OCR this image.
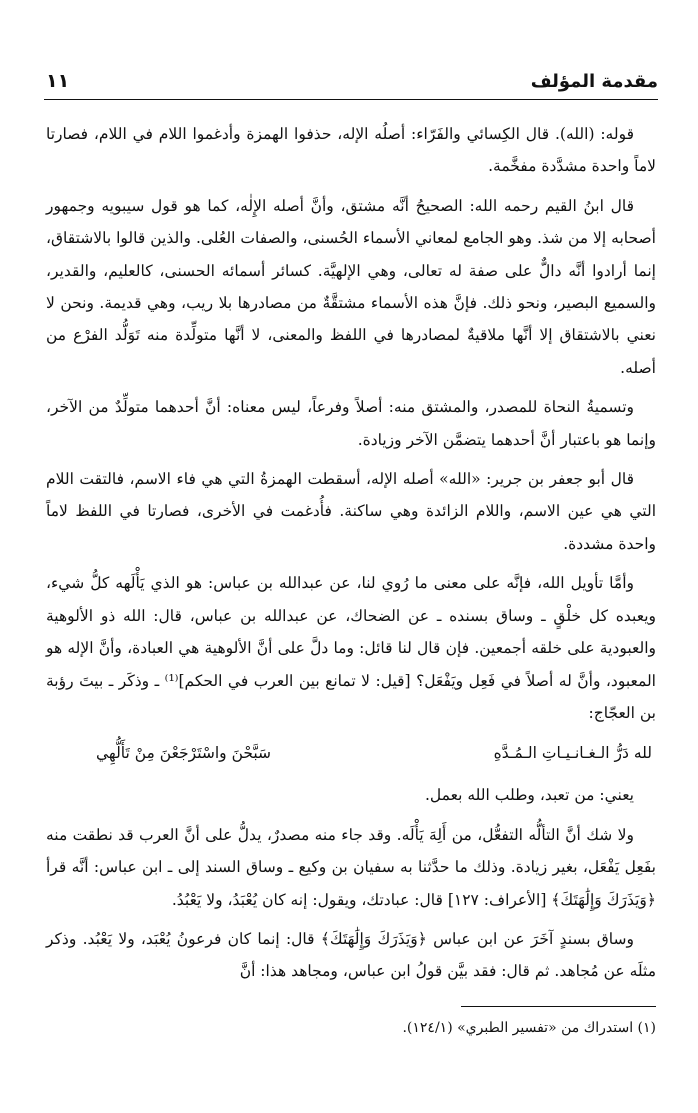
١١	مقدمة المؤلف

قوله: (الله). قال الكِسائي والفَرّاء: أصلُه الإله، حذفوا الهمزة وأدغموا اللام في اللام، فصارتا لاماً واحدة مشدَّدة مفخَّمة.

قال ابنُ القيم رحمه الله: الصحيحُ أنَّه مشتق، وأنَّ أصله الإِلٰه، كما هو قول سيبويه وجمهور أصحابه إلا من شذ. وهو الجامع لمعاني الأسماء الحُسنى، والصفات العُلى. والذين قالوا بالاشتقاق، إنما أرادوا أنَّه دالٌّ على صفة له تعالى، وهي الإلهيَّة. كسائر أسمائه الحسنى، كالعليم، والقدير، والسميع البصير، ونحو ذلك. فإنَّ هذه الأسماء مشتقَّةٌ من مصادرها بلا ريب، وهي قديمة. ونحن لا نعني بالاشتقاق إلا أنَّها ملاقيةٌ لمصادرها في اللفظ والمعنى، لا أنَّها متولِّدة منه تَوَلُّد الفرْع من أصله.

وتسميةُ النحاة للمصدر، والمشتق منه: أصلاً وفرعاً، ليس معناه: أنَّ أحدهما متولِّدٌ من الآخر، وإنما هو باعتبار أنَّ أحدهما يتضمَّن الآخر وزيادة.

قال أبو جعفر بن جرير: «الله» أصله الإله، أسقطت الهمزةُ التي هي فاء الاسم، فالتقت اللام التي هي عين الاسم، واللام الزائدة وهي ساكنة. فأُدغمت في الأخرى، فصارتا في اللفظ لاماً واحدة مشددة.

وأمَّا تأويل الله، فإنَّه على معنى ما رُوي لنا، عن عبدالله بن عباس: هو الذي يَأْلَهه كلُّ شيء، ويعبده كل خلْقٍ ـ وساق بسنده ـ عن الضحاك، عن عبدالله بن عباس، قال: الله ذو الألوهية والعبودية على خلقه أجمعين. فإن قال لنا قائل: وما دلَّ على أنَّ الألوهية هي العبادة، وأنَّ الإله هو المعبود، وأنَّ له أصلاً في فَعِل ويَفْعَل؟ [قيل: لا تمانع بين العرب في الحكم]⁽¹⁾ ـ وذكَر ـ بيتَ رؤبة بن العجّاج:

لله دَرُّ الـغـانـيـاتِ الـمُـدَّهِ
سَبَّحْنَ واسْتَرْجَعْنَ مِنْ تَأَلُّهِي

يعني: من تعبد، وطلب الله بعمل.

ولا شك أنَّ التألُّه التفعُّل، من أَلِهَ يَأْلَه. وقد جاء منه مصدرٌ، يدلُّ على أنَّ العرب قد نطقت منه بفَعِل يَفْعَل، بغير زيادة. وذلك ما حدَّثنا به سفيان بن وكيع ـ وساق السند إلى ـ ابن عباس: أنَّه قرأ ﴿وَيَذَرَكَ وَإِلَٰهَتَكَ﴾ [الأعراف: ١٢٧] قال: عبادتك، ويقول: إنه كان يُعْبَدُ، ولا يَعْبُدُ.

وساق بسندٍ آخَرَ عن ابن عباس ﴿وَيَذَرَكَ وَإِلَٰهَتَكَ﴾ قال: إنما كان فرعونُ يُعْبَد، ولا يَعْبُد. وذكر مثلَه عن مُجاهد. ثم قال: فقد بيَّن قولُ ابن عباس، ومجاهد هذا: أنَّ

(١) استدراك من «تفسير الطبري» (١٢٤/١).
